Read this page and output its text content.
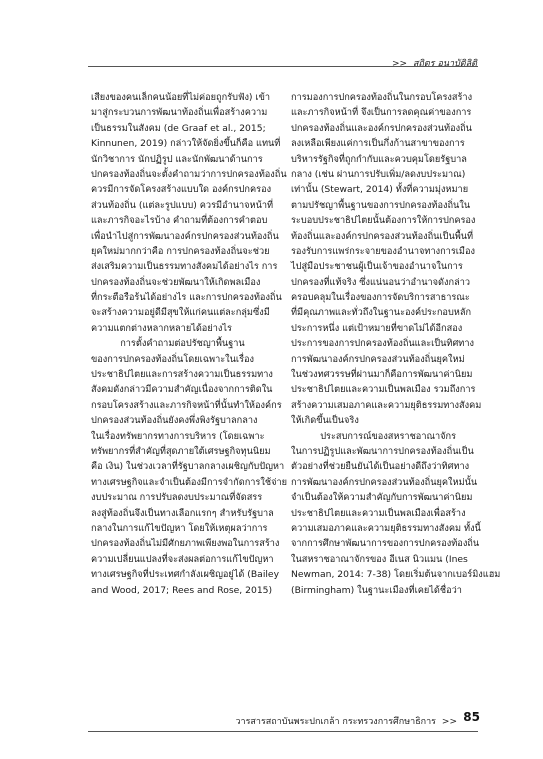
>> สถิตร อนาบัติลิติ
เสียงของคนเล็กคนน้อยที่ไม่ค่อยถูกรับฟัง) เข้า
มาสู่กระบวนการพัฒนาท้องถิ่นเพื่อสร้างความ
เป็นธรรมในสังคม (de Graaf et al., 2015;
Kinnunen, 2019) กล่าวให้จัดยิ่งขึ้นก็คือ แทนที่
นักวิชาการ นักปฏิรูป และนักพัฒนาด้านการ
ปกครองท้องถิ่นจะตั้งคำถามว่าการปกครองท้องถิ่น
ควรมีการจัดโครงสร้างแบบใด องค์กรปกครอง
ส่วนท้องถิ่น (แต่ละรูปแบบ) ควรมีอำนาจหน้าที่
และภารกิจอะไรบ้าง คำถามที่ต้องการคำตอบ
เพื่อนำไปสู่การพัฒนาองค์กรปกครองส่วนท้องถิ่น
ยุคใหม่มากกว่าคือ การปกครองท้องถิ่นจะช่วย
ส่งเสริมความเป็นธรรมทางสังคมได้อย่างไร การ
ปกครองท้องถิ่นจะช่วยพัฒนาให้เกิดพลเมือง
ที่กระตือรือร้นได้อย่างไร และการปกครองท้องถิ่น
จะสร้างความอยู่ดีมีสุขให้แก่คนแต่ละกลุ่มซึ่งมี
ความแตกต่างหลากหลายได้อย่างไร
การตั้งคำถามต่อปรัชญาพื้นฐาน
ของการปกครองท้องถิ่นโดยเฉพาะในเรื่อง
ประชาธิปไตยและการสร้างความเป็นธรรมทาง
สังคมดังกล่าวมีความสำคัญเนื่องจากการติดใน
กรอบโครงสร้างและภารกิจหน้าที่นั้นทำให้องค์กร
ปกครองส่วนท้องถิ่นยังคงพึ่งพิงรัฐบาลกลาง
ในเรื่องทรัพยากรทางการบริหาร (โดยเฉพาะ
ทรัพยากรที่สำคัญที่สุดภายใต้เศรษฐกิจทุนนิยม
คือ เงิน) ในช่วงเวลาที่รัฐบาลกลางเผชิญกับปัญหา
ทางเศรษฐกิจและจำเป็นต้องมีการจำกัดการใช้จ่าย
งบประมาณ การปรับลดงบประมาณที่จัดสรร
ลงสู่ท้องถิ่นจึงเป็นทางเลือกแรกๆ สำหรับรัฐบาล
กลางในการแก้ไขปัญหา โดยให้เหตุผลว่าการ
ปกครองท้องถิ่นไม่มีศักยภาพเพียงพอในการสร้าง
ความเปลี่ยนแปลงที่จะส่งผลต่อการแก้ไขปัญหา
ทางเศรษฐกิจที่ประเทศกำลังเผชิญอยู่ได้ (Bailey
and Wood, 2017; Rees and Rose, 2015)
การมองการปกครองท้องถิ่นในกรอบโครงสร้าง
และภารกิจหน้าที่ จึงเป็นการลดคุณค่าของการ
ปกครองท้องถิ่นและองค์กรปกครองส่วนท้องถิ่น
ลงเหลือเพียงแค่การเป็นกึ่งก้านสาขาของการ
บริหารรัฐกิจที่ถูกกำกับและควบคุมโดยรัฐบาล
กลาง (เช่น ผ่านการปรับเพิ่ม/ลดงบประมาณ)
เท่านั้น (Stewart, 2014) ทั้งที่ความมุ่งหมาย
ตามปรัชญาพื้นฐานของการปกครองท้องถิ่นใน
ระบอบประชาธิปไตยนั้นต้องการให้การปกครอง
ท้องถิ่นและองค์กรปกครองส่วนท้องถิ่นเป็นพื้นที่
รองรับการแพร่กระจายของอำนาจทางการเมือง
ไปสู่มือประชาชนผู้เป็นเจ้าของอำนาจในการ
ปกครองที่แท้จริง ซึ่งแน่นอนว่าอำนาจดังกล่าว
ครอบคลุมในเรื่องของการจัดบริการสาธารณะ
ที่มีคุณภาพและทั่วถึงในฐานะองค์ประกอบหลัก
ประการหนึ่ง แต่เป้าหมายที่ขาดไม่ได้อีกสอง
ประการของการปกครองท้องถิ่นและเป็นทิศทาง
การพัฒนาองค์กรปกครองส่วนท้องถิ่นยุคใหม่
ในช่วงทศวรรษที่ผ่านมาก็คือการพัฒนาค่านิยม
ประชาธิปไตยและความเป็นพลเมือง รวมถึงการ
สร้างความเสมอภาคและความยุติธรรมทางสังคม
ให้เกิดขึ้นเป็นจริง
ประสบการณ์ของสหราชอาณาจักร
ในการปฏิรูปและพัฒนาการปกครองท้องถิ่นเป็น
ตัวอย่างที่ช่วยยืนยันได้เป็นอย่างดีถึงว่าทิศทาง
การพัฒนาองค์กรปกครองส่วนท้องถิ่นยุคใหม่นั้น
จำเป็นต้องให้ความสำคัญกับการพัฒนาค่านิยม
ประชาธิปไตยและความเป็นพลเมืองเพื่อสร้าง
ความเสมอภาคและความยุติธรรมทางสังคม ทั้งนี้
จากการศึกษาพัฒนาการของการปกครองท้องถิ่น
ในสหราชอาณาจักรของ อีเนส นิวแมน (Ines
Newman, 2014: 7-38) โดยเริ่มต้นจากเบอร์มิงแฮม
(Birmingham) ในฐานะเมืองที่เคยได้ชื่อว่า
วารสารสถาบันพระปกเกล้า กระทรวงการศึกษาธิการ >> 85
